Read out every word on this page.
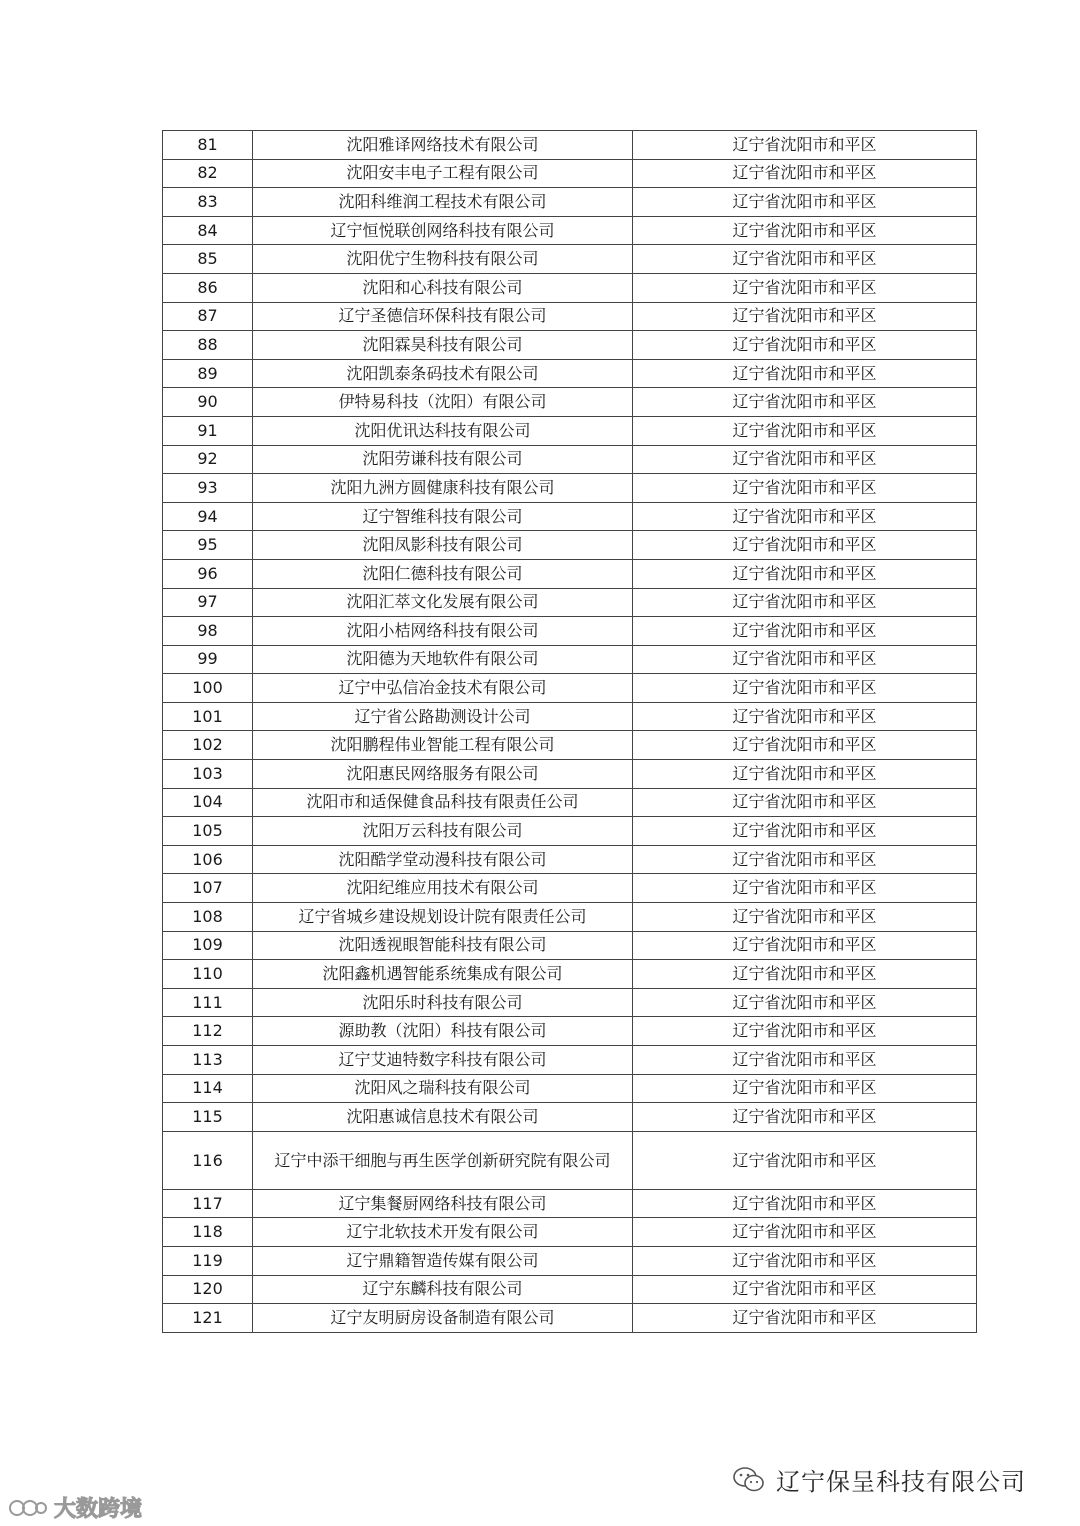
81	沈阳雅译网络技术有限公司	辽宁省沈阳市和平区
82	沈阳安丰电子工程有限公司	辽宁省沈阳市和平区
83	沈阳科维润工程技术有限公司	辽宁省沈阳市和平区
84	辽宁恒悦联创网络科技有限公司	辽宁省沈阳市和平区
85	沈阳优宁生物科技有限公司	辽宁省沈阳市和平区
86	沈阳和心科技有限公司	辽宁省沈阳市和平区
87	辽宁圣德信环保科技有限公司	辽宁省沈阳市和平区
88	沈阳霖昊科技有限公司	辽宁省沈阳市和平区
89	沈阳凯泰条码技术有限公司	辽宁省沈阳市和平区
90	伊特易科技（沈阳）有限公司	辽宁省沈阳市和平区
91	沈阳优讯达科技有限公司	辽宁省沈阳市和平区
92	沈阳劳谦科技有限公司	辽宁省沈阳市和平区
93	沈阳九洲方圆健康科技有限公司	辽宁省沈阳市和平区
94	辽宁智维科技有限公司	辽宁省沈阳市和平区
95	沈阳凤影科技有限公司	辽宁省沈阳市和平区
96	沈阳仁德科技有限公司	辽宁省沈阳市和平区
97	沈阳汇萃文化发展有限公司	辽宁省沈阳市和平区
98	沈阳小桔网络科技有限公司	辽宁省沈阳市和平区
99	沈阳德为天地软件有限公司	辽宁省沈阳市和平区
100	辽宁中弘信冶金技术有限公司	辽宁省沈阳市和平区
101	辽宁省公路勘测设计公司	辽宁省沈阳市和平区
102	沈阳鹏程伟业智能工程有限公司	辽宁省沈阳市和平区
103	沈阳惠民网络服务有限公司	辽宁省沈阳市和平区
104	沈阳市和适保健食品科技有限责任公司	辽宁省沈阳市和平区
105	沈阳万云科技有限公司	辽宁省沈阳市和平区
106	沈阳酷学堂动漫科技有限公司	辽宁省沈阳市和平区
107	沈阳纪维应用技术有限公司	辽宁省沈阳市和平区
108	辽宁省城乡建设规划设计院有限责任公司	辽宁省沈阳市和平区
109	沈阳透视眼智能科技有限公司	辽宁省沈阳市和平区
110	沈阳鑫机遇智能系统集成有限公司	辽宁省沈阳市和平区
111	沈阳乐时科技有限公司	辽宁省沈阳市和平区
112	源助教（沈阳）科技有限公司	辽宁省沈阳市和平区
113	辽宁艾迪特数字科技有限公司	辽宁省沈阳市和平区
114	沈阳风之瑞科技有限公司	辽宁省沈阳市和平区
115	沈阳惠诚信息技术有限公司	辽宁省沈阳市和平区
116	辽宁中添干细胞与再生医学创新研究院有限公司	辽宁省沈阳市和平区
117	辽宁集餐厨网络科技有限公司	辽宁省沈阳市和平区
118	辽宁北软技术开发有限公司	辽宁省沈阳市和平区
119	辽宁鼎籍智造传媒有限公司	辽宁省沈阳市和平区
120	辽宁东麟科技有限公司	辽宁省沈阳市和平区
121	辽宁友明厨房设备制造有限公司	辽宁省沈阳市和平区
辽宁保呈科技有限公司
大数跨境
